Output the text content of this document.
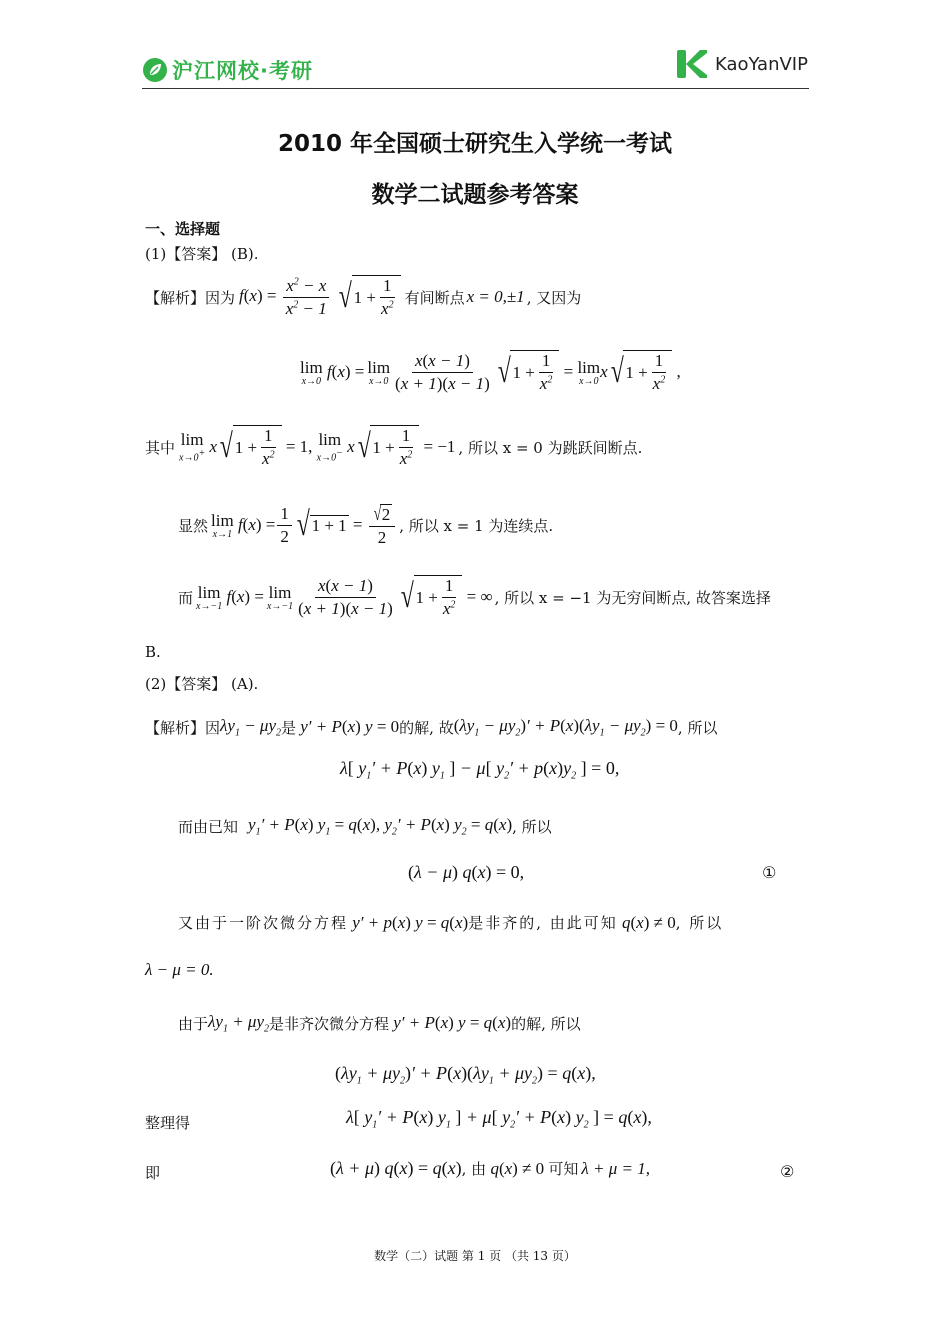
沪江网校·考研	KaoYanVIP
2010 年全国硕士研究生入学统一考试
数学二试题参考答案
一、选择题
(1)【答案】 (B).
【解析】因为 $f(x) = \frac{x^2 - x}{x^2 - 1}$
√ $1 + \frac{1}{x^2}$ 有间断点 x = 0,±1 , 又因为
lim
x→0 f(x) = lim
$x\to 0 \frac{x(x - 1)}{(x + 1)(x - 1)}$ √ $1 + \frac{1}{x^2} = \lim$
x→0 x √ $1 + \frac{1}{x^2}$ ,
其中 lim
x→0+ x √ $1 + \frac{1}{x^2} = 1$, lim
x→0− x √ $1 + \frac{1}{x^2} = -1$ , 所以 x = 0 为跳跃间断点.
显然 lim
x→1 $f(x) = \frac{1}{2}$ √ $1 + 1 = \frac{√ 2}{2}$ , 所以 x = 1 为连续点.
而 lim
x→−1 f(x) = lim
$x\to-1 \frac{x(x - 1)}{(x + 1)(x - 1)}$ √ $1 + \frac{1}{x^2}$ = ∞ , 所以 x = −1 为无穷间断点, 故答案选择
B.
(2)【答案】 (A).
【解析】因 $\lambda y_1 - \mu y_2$ 是 y′ + P(x) y = 0 的解, 故 $(\lambda y_1 - \mu y_2)' + P(x)(\lambda y_1 - \mu y_2) = 0$ , 所以
λ[ $y_1' + P(x)$ $y_1$ ] − μ[ $y_2' + p(x)y_2$ ] = 0,
而由已知 $y_1' + P(x) y_1 = q(x)$, $y_2' + P(x) y_2 = q(x)$ , 所以
(λ − μ) q(x) = 0,	①
又由于一阶次微分方程 y′ + p(x) y = q(x) 是非齐的, 由此可知 q(x) ≠ 0 , 所以
λ − μ = 0.
由于 $\lambda y_1 + \mu y_2$ 是非齐次微分方程 y′ + P(x) y = q(x) 的解, 所以
$(\lambda y_1 + \mu y_2)' + P(x)(\lambda y_1 + \mu y_2) = q(x)$,
整理得	λ[ $y_1' + P(x)$ $y_1$ ] + μ[ $y_2' + P(x)$ $y_2$ ] = q(x),
即	(λ + μ) q(x) = q(x) , 由 q(x) ≠ 0 可知 λ + μ = 1,	②
数学（二）试题 第 1 页 （共 13 页）
